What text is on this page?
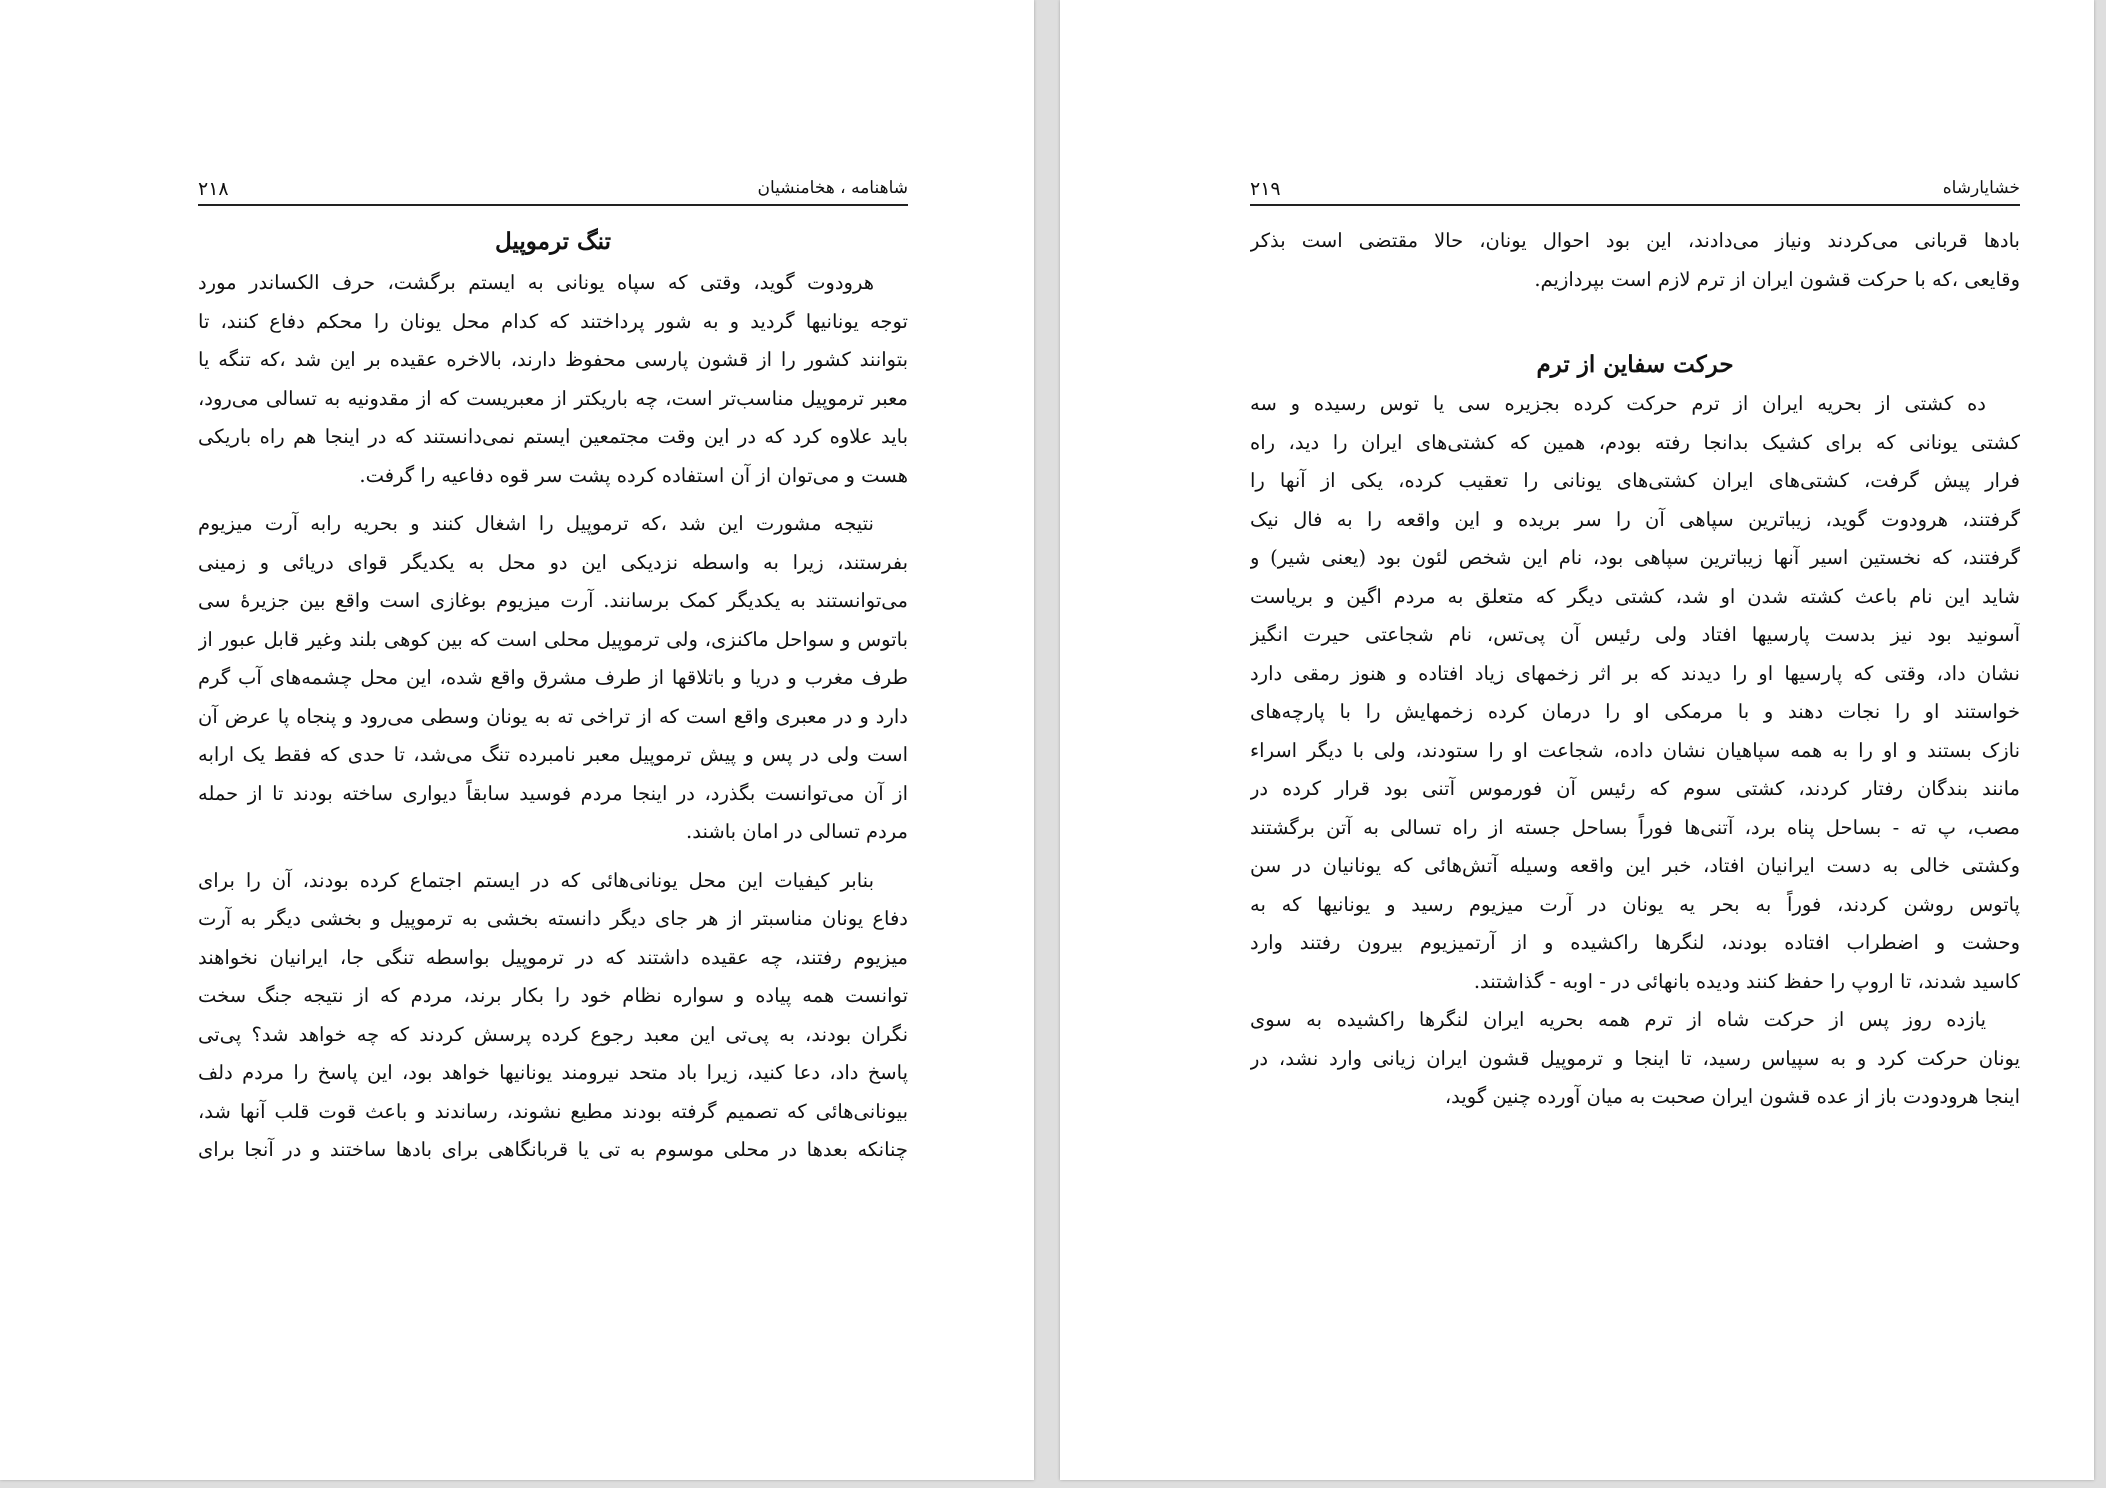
شاهنامه ، هخامنشیان
۲۱۸
تنگ ترموپیل
هرودوت گوید، وقتی که سپاه یونانی به ایستم برگشت، حرف الکساندر مورد
توجه یونانیها گردید و به شور پرداختند که کدام محل یونان را محکم دفاع کنند، تا
بتوانند کشور را از قشون پارسی محفوظ دارند، بالاخره عقیده بر این شد ،که تنگه یا
معبر ترموپیل مناسب‌تر است، چه باریکتر از معبریست که از مقدونیه به تسالی می‌رود،
باید علاوه کرد که در این وقت مجتمعین ایستم نمی‌دانستند که در اینجا هم راه باریکی
هست و می‌توان از آن استفاده کرده پشت سر قوه دفاعیه را گرفت.
نتیجه مشورت این شد ،که ترموپیل را اشغال کنند و بحریه رابه آرت میزیوم
بفرستند، زیرا به واسطه نزدیکی این دو محل به یکدیگر قوای دریائی و زمینی
می‌توانستند به یکدیگر کمک برسانند. آرت میزیوم بوغازی است واقع بین جزیرهٔ سی
باتوس و سواحل ماکنزی، ولی ترموپیل محلی است که بین کوهی بلند وغیر قابل عبور از
طرف مغرب و دریا و باتلاقها از طرف مشرق واقع شده، این محل چشمه‌های آب گرم
دارد و در معبری واقع است که از تراخی ته به یونان وسطی می‌رود و پنجاه پا عرض آن
است ولی در پس و پیش ترموپیل معبر نامبرده تنگ می‌شد، تا حدی که فقط یک ارابه
از آن می‌توانست بگذرد، در اینجا مردم فوسید سابقاً دیواری ساخته بودند تا از حمله
مردم تسالی در امان باشند.
بنابر کیفیات این محل یونانی‌هائی که در ایستم اجتماع کرده بودند، آن را برای
دفاع یونان مناسبتر از هر جای دیگر دانسته بخشی به ترموپیل و بخشی دیگر به آرت
میزیوم رفتند، چه عقیده داشتند که در ترموپیل بواسطه تنگی جا، ایرانیان نخواهند
توانست همه پیاده و سواره نظام خود را بکار برند، مردم که از نتیجه جنگ سخت
نگران بودند، به پی‌تی این معبد رجوع کرده پرسش کردند که چه خواهد شد؟ پی‌تی
پاسخ داد، دعا کنید، زیرا باد متحد نیرومند یونانیها خواهد بود، این پاسخ را مردم دلف
بیونانی‌هائی که تصمیم گرفته بودند مطیع نشوند، رساندند و باعث قوت قلب آنها شد،
چنانکه بعدها در محلی موسوم به تی یا قربانگاهی برای بادها ساختند و در آنجا برای
خشایارشاه
۲۱۹
بادها قربانی می‌کردند ونیاز می‌دادند، این بود احوال یونان، حالا مقتضی است بذکر
وقایعی ،که با حرکت قشون ایران از ترم لازم است بپردازیم.
حرکت سفاین از ترم
ده کشتی از بحریه ایران از ترم حرکت کرده بجزیره سی یا توس رسیده و سه
کشتی یونانی که برای کشیک بدانجا رفته بودم، همین که کشتی‌های ایران را دید، راه
فرار پیش گرفت، کشتی‌های ایران کشتی‌های یونانی را تعقیب کرده، یکی از آنها را
گرفتند، هرودوت گوید، زیباترین سپاهی آن را سر بریده و این واقعه را به فال نیک
گرفتند، که نخستین اسیر آنها زیباترین سپاهی بود، نام این شخص لئون بود (یعنی شیر) و
شاید این نام باعث کشته شدن او شد، کشتی دیگر که متعلق به مردم اگین و بریاست
آسونید بود نیز بدست پارسیها افتاد ولی رئیس آن پی‌تس، نام شجاعتی حیرت انگیز
نشان داد، وقتی که پارسیها او را دیدند که بر اثر زخمهای زیاد افتاده و هنوز رمقی دارد
خواستند او را نجات دهند و با مرمکی او را درمان کرده زخمهایش را با پارچه‌های
نازک بستند و او را به همه سپاهیان نشان داده، شجاعت او را ستودند، ولی با دیگر اسراء
مانند بندگان رفتار کردند، کشتی سوم که رئیس آن فورموس آتنی بود قرار کرده در
مصب، پ ته - بساحل پناه برد، آتنی‌ها فوراً بساحل جسته از راه تسالی به آتن برگشتند
وکشتی خالی به دست ایرانیان افتاد، خبر این واقعه وسیله آتش‌هائی که یونانیان در سن
پاتوس روشن کردند، فوراً به بحر یه یونان در آرت میزیوم رسید و یونانیها که به
وحشت و اضطراب افتاده بودند، لنگرها راکشیده و از آرتمیزیوم بیرون رفتند وارد
کاسید شدند، تا اروپ را حفظ کنند ودیده بانهائی در - اوبه - گذاشتند.
یازده روز پس از حرکت شاه از ترم همه بحریه ایران لنگرها راکشیده به سوی
یونان حرکت کرد و به سپیاس رسید، تا اینجا و ترموپیل قشون ایران زیانی وارد نشد، در
اینجا هرودودت باز از عده قشون ایران صحبت به میان آورده چنین گوید،
